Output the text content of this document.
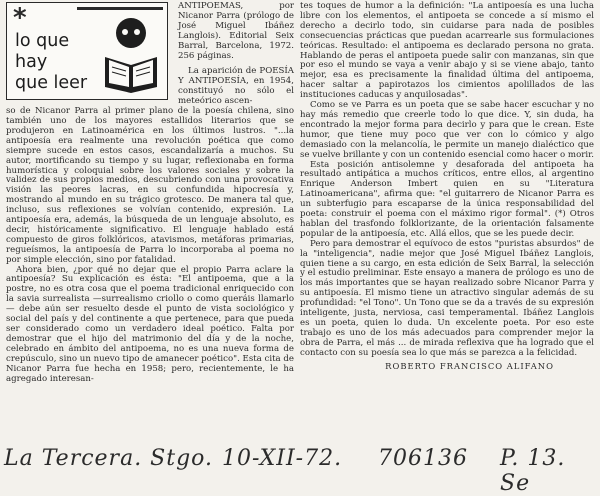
*
lo que
hay
que leer

ANTIPOEMAS, por Nicanor Parra (prólogo de José Miguel Ibáñez Langlois). Editorial Seix Barral, Barcelona, 1972. 256 páginas.

La aparición de POESÍA Y ANTIPOESÍA, en 1954, constituyó no sólo el meteórico ascen-

so de Nicanor Parra al primer plano de la poesía chilena, sino también uno de los mayores estallidos literarios que se produjeron en Latinoamérica en los últimos lustros. "...la antipoesía era realmente una revolución poética que como siempre sucede en estos casos, escandalizaría a muchos. Su autor, mortificando su tiempo y su lugar, reflexionaba en forma humorística y coloquial sobre los valores sociales y sobre la validez de sus propios medios, descubriendo con una provocativa visión las peores lacras, en su confundida hipocresía y, mostrando al mundo en su trágico grotesco. De manera tal que, incluso, sus reflexiones se volvían contenido, expresión. La antipoesía era, además, la búsqueda de un lenguaje absoluto, es decir, históricamente significativo. El lenguaje hablado está compuesto de giros folklóricos, atavismos, metáforas primarias, regueísmos, la antipoesía de Parra lo incorporaba al poema no por simple elección, sino por fatalidad.

Ahora bien, ¿por qué no dejar que el propio Parra aclare la antipoesía? Su explicación es ésta: "El antipoema, que a la postre, no es otra cosa que el poema tradicional enriquecido con la savia surrealista —surrealismo criollo o como queráis llamarlo— debe aún ser resuelto desde el punto de vista sociológico y social del país y del continente a que pertenece, para que pueda ser considerado como un verdadero ideal poético. Falta por demostrar que el hijo del matrimonio del día y de la noche, celebrado en ámbito del antipoema, no es una nueva forma de crepúsculo, sino un nuevo tipo de amanecer poético". Esta cita de Nicanor Parra fue hecha en 1958; pero, recientemente, le ha agregado interesan-

tes toques de humor a la definición: "La antipoesía es una lucha libre con los elementos, el antipoeta se concede a sí mismo el derecho a decirlo todo, sin cuidarse para nada de posibles consecuencias prácticas que puedan acarrearle sus formulaciones teóricas. Resultado: el antipoema es declarado persona no grata. Hablando de peras el antipoeta puede salir con manzanas, sin que por eso el mundo se vaya a venir abajo y si se viene abajo, tanto mejor, esa es precisamente la finalidad última del antipoema, hacer saltar a papirotazos los cimientos apolillados de las instituciones caducas y anquilosadas".

Como se ve Parra es un poeta que se sabe hacer escuchar y no hay más remedio que creerle todo lo que dice. Y, sin duda, ha encontrado la mejor forma para decirlo y para que le crean. Este humor, que tiene muy poco que ver con lo cómico y algo demasiado con la melancolía, le permite un manejo dialéctico que se vuelve brillante y con un contenido esencial como hacer o morir.

Esta posición antisolemne y desaforada del antipoeta ha resultado antipática a muchos críticos, entre ellos, al argentino Enrique Anderson Imbert quien en su "Literatura Latinoamericana", afirma que: "el guitarrero de Nicanor Parra es un subterfugio para escaparse de la única responsabilidad del poeta: construir el poema con el máximo rigor formal". (*) Otros hablan del trasfondo folklorizante, de la orientación falsamente popular de la antipoesía, etc. Allá ellos, que se les puede decir.

Pero para demostrar el equívoco de estos "puristas absurdos" de la "inteligencia", nadie mejor que José Miguel Ibáñez Langlois, quien tiene a su cargo, en esta edición de Seix Barral, la selección y el estudio preliminar. Este ensayo a manera de prólogo es uno de los más importantes que se hayan realizado sobre Nicanor Parra y su antipoesía. El mismo tiene un atractivo singular además de su profundidad: "el Tono". Un Tono que se da a través de su expresión inteligente, justa, nerviosa, casi temperamental. Ibáñez Langlois es un poeta, quien lo duda. Un excelente poeta. Por eso este trabajo es uno de los más adecuados para comprender mejor la obra de Parra, el más ... de mirada reflexiva que ha logrado que el contacto con su poesía sea lo que más se parezca a la felicidad.

ROBERTO FRANCISCO ALIFANO
La Tercera. Stgo. 10-XII-72. 706136 P. 13. Se
